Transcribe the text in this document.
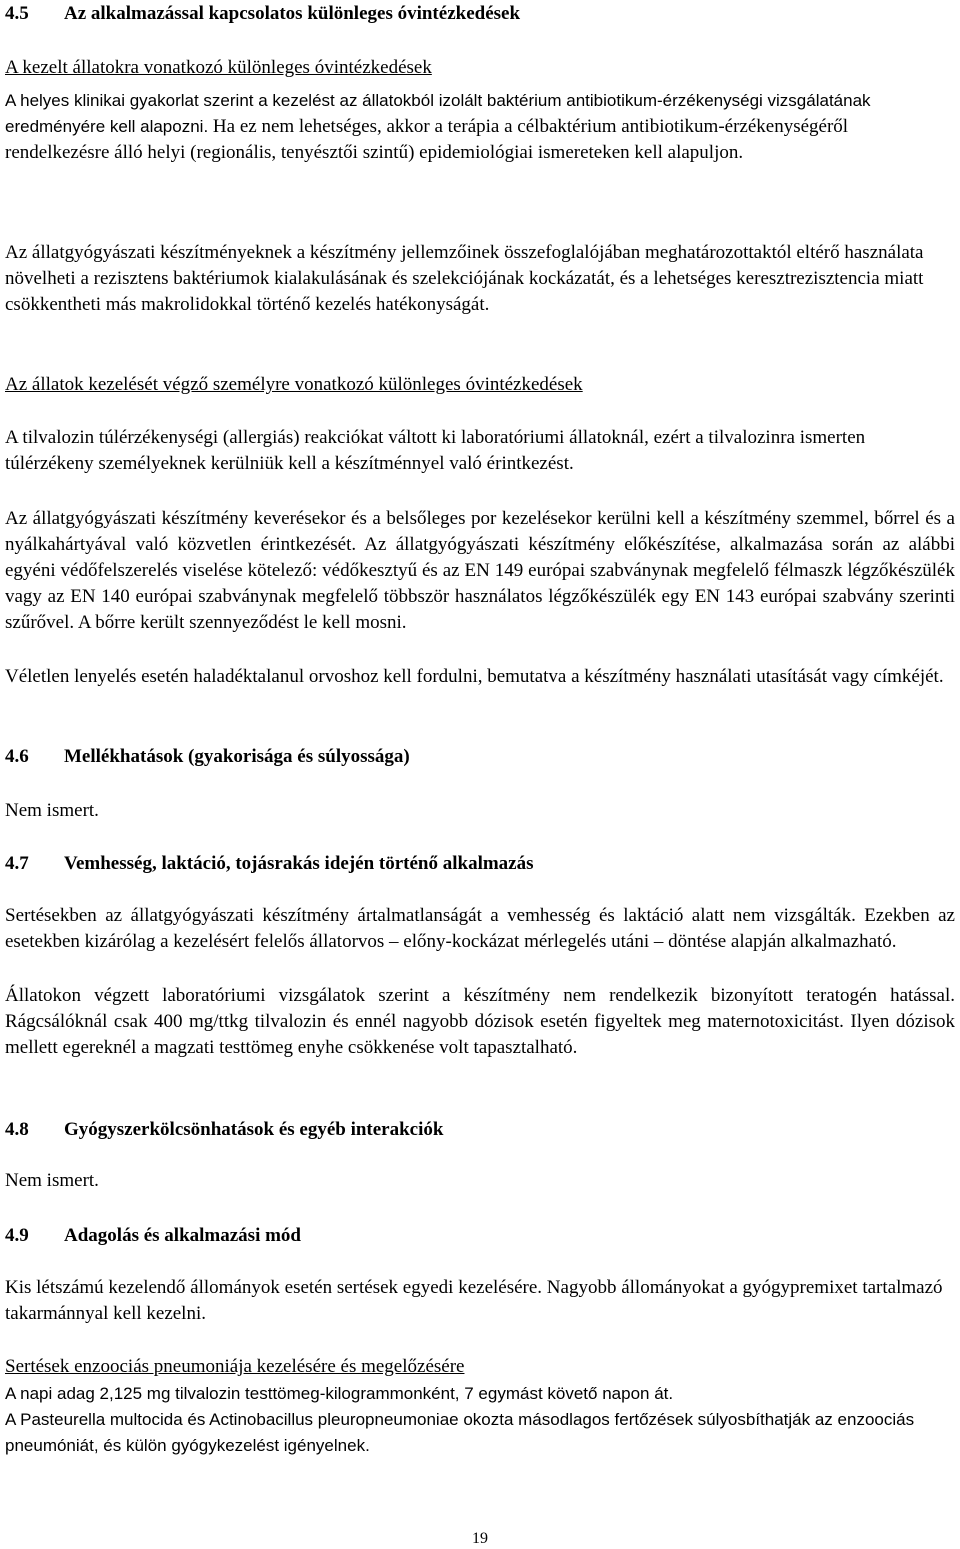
4.5	Az alkalmazással kapcsolatos különleges óvintézkedések

A kezelt állatokra vonatkozó különleges óvintézkedések

A helyes klinikai gyakorlat szerint a kezelést az állatokból izolált baktérium antibiotikum-érzékenységi vizsgálatának eredményére kell alapozni. Ha ez nem lehetséges, akkor a terápia a célbaktérium antibiotikum-érzékenységéről rendelkezésre álló helyi (regionális, tenyésztői szintű) epidemiológiai ismereteken kell alapuljon.

Az állatgyógyászati készítményeknek a készítmény jellemzőinek összefoglalójában meghatározottaktól eltérő használata növelheti a rezisztens baktériumok kialakulásának és szelekciójának kockázatát, és a lehetséges keresztrezisztencia miatt csökkentheti más makrolidokkal történő kezelés hatékonyságát.

Az állatok kezelését végző személyre vonatkozó különleges óvintézkedések

A tilvalozin túlérzékenységi (allergiás) reakciókat váltott ki laboratóriumi állatoknál, ezért a tilvalozinra ismerten túlérzékeny személyeknek kerülniük kell a készítménnyel való érintkezést.

Az állatgyógyászati készítmény keverésekor és a belsőleges por kezelésekor kerülni kell a készítmény szemmel, bőrrel és a nyálkahártyával való közvetlen érintkezését. Az állatgyógyászati készítmény előkészítése, alkalmazása során az alábbi egyéni védőfelszerelés viselése kötelező: védőkesztyű és az EN 149 európai szabványnak megfelelő félmaszk légzőkészülék vagy az EN 140 európai szabványnak megfelelő többször használatos légzőkészülék egy EN 143 európai szabvány szerinti szűrővel. A bőrre került szennyeződést le kell mosni.

Véletlen lenyelés esetén haladéktalanul orvoshoz kell fordulni, bemutatva a készítmény használati utasítását vagy címkéjét.

4.6	Mellékhatások (gyakorisága és súlyossága)

Nem ismert.

4.7	Vemhesség, laktáció, tojásrakás idején történő alkalmazás

Sertésekben az állatgyógyászati készítmény ártalmatlanságát a vemhesség és laktáció alatt nem vizsgálták. Ezekben az esetekben kizárólag a kezelésért felelős állatorvos – előny-kockázat mérlegelés utáni – döntése alapján alkalmazható.

Állatokon végzett laboratóriumi vizsgálatok szerint a készítmény nem rendelkezik bizonyított teratogén hatással. Rágcsálóknál csak 400 mg/ttkg tilvalozin és ennél nagyobb dózisok esetén figyeltek meg maternotoxicitást. Ilyen dózisok mellett egereknél a magzati testtömeg enyhe csökkenése volt tapasztalható.

4.8	Gyógyszerkölcsönhatások és egyéb interakciók

Nem ismert.

4.9	Adagolás és alkalmazási mód

Kis létszámú kezelendő állományok esetén sertések egyedi kezelésére. Nagyobb állományokat a gyógypremixet tartalmazó takarmánnyal kell kezelni.

Sertések enzoociás pneumoniája kezelésére és megelőzésére

A napi adag 2,125 mg tilvalozin testtömeg-kilogrammonként, 7 egymást követő napon át.

A Pasteurella multocida és Actinobacillus pleuropneumoniae okozta másodlagos fertőzések súlyosbíthatják az enzoociás pneumóniát, és külön gyógykezelést igényelnek.

19
